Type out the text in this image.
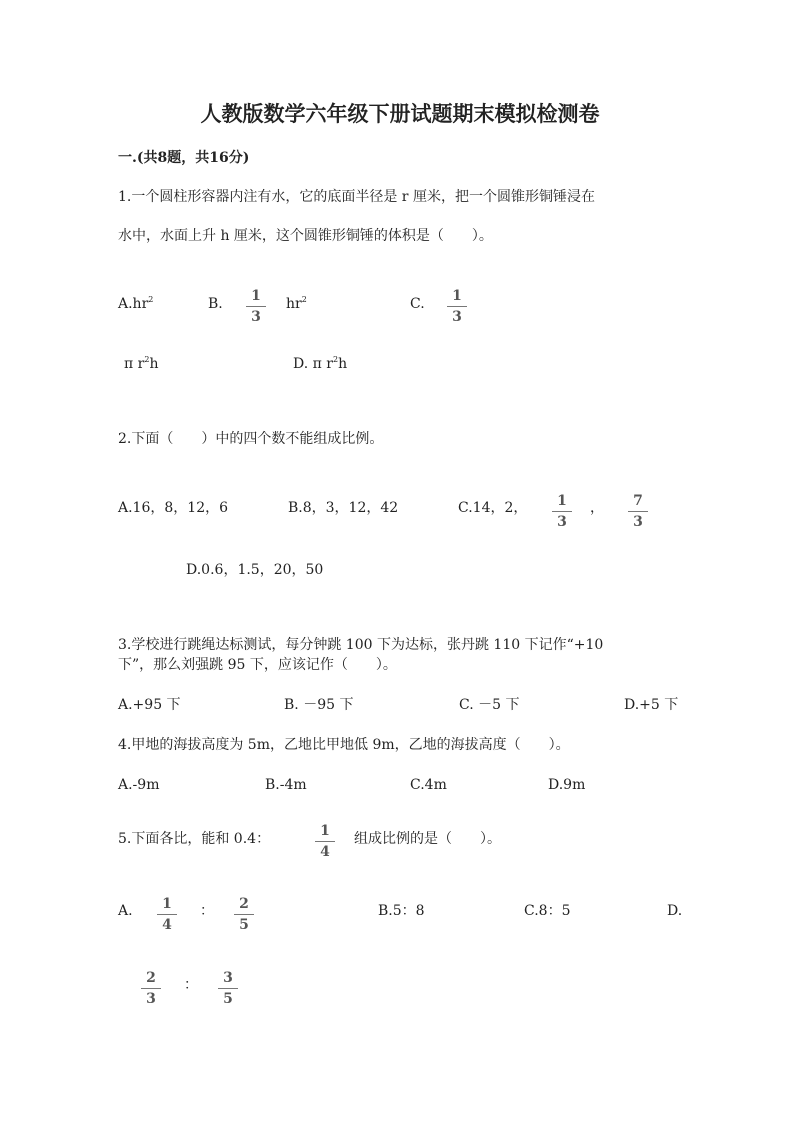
人教版数学六年级下册试题期末模拟检测卷
一.(共8题，共16分)
1.一个圆柱形容器内注有水，它的底面半径是 r 厘米，把一个圆锥形铜锤浸在
水中，水面上升 h 厘米，这个圆锥形铜锤的体积是（　　）。
$A.hr^2$	B.	1
3
$hr^2$	C.	1
3
π $r^2h$	D. π $r^2h$
2.下面（　　）中的四个数不能组成比例。
A.16，8，12，6	B.8，3，12，42	C.14，2，	1
3
，	7
3
D.0.6，1.5，20，50
3.学校进行跳绳达标测试，每分钟跳 100 下为达标，张丹跳 110 下记作“+10
下”，那么刘强跳 95 下，应该记作（　　）。
A.+95 下	B. －95 下	C. －5 下	D.+5 下
4.甲地的海拔高度为 5m，乙地比甲地低 9m，乙地的海拔高度（　　）。
A.-9m	B.-4m	C.4m	D.9m
5.下面各比，能和 0.4：	1
4
组成比例的是（　　）。
A.	1
4
：	2
5
B.5：8	C.8：5	D.
2
3
：	3
5
